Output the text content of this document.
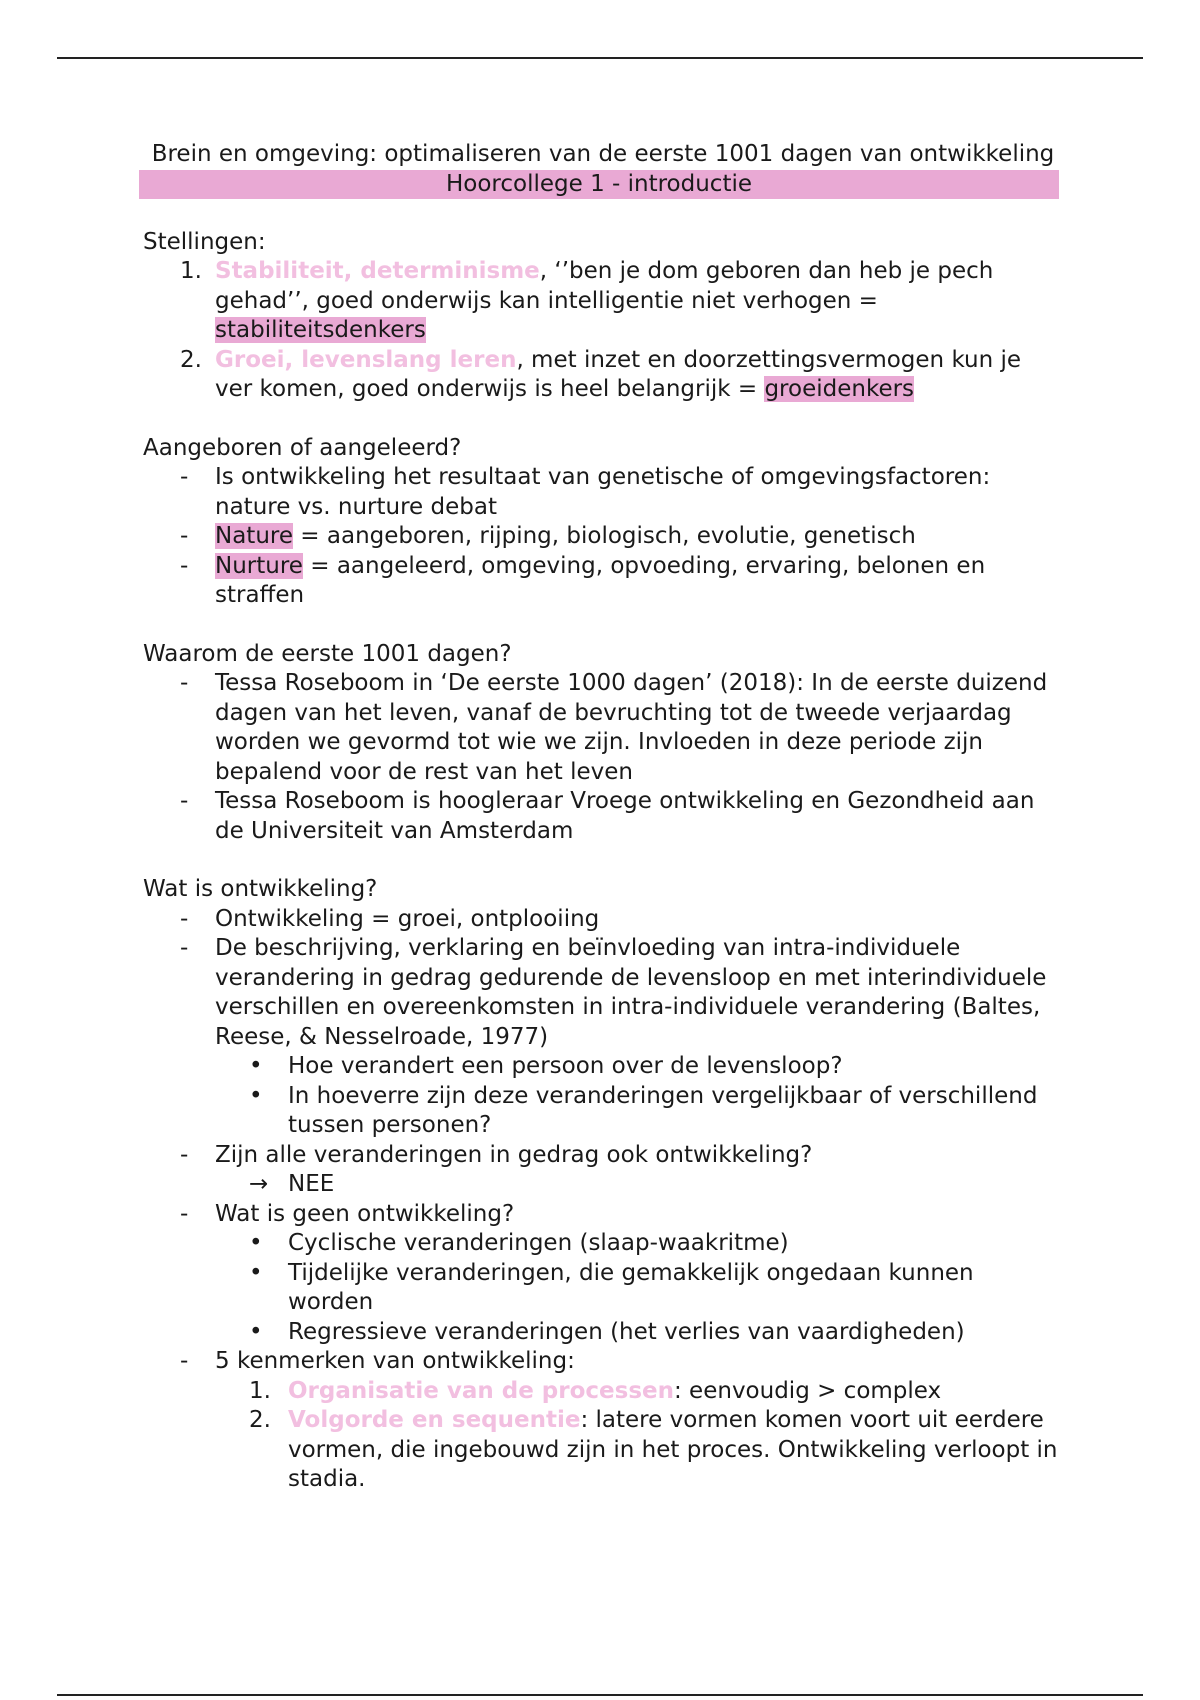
Brein en omgeving: optimaliseren van de eerste 1001 dagen van ontwikkeling
Hoorcollege 1 - introductie
Stellingen:
1. Stabiliteit, determinisme, ‘’ben je dom geboren dan heb je pech gehad’’, goed onderwijs kan intelligentie niet verhogen = stabiliteitsdenkers
2. Groei, levenslang leren, met inzet en doorzettingsvermogen kun je ver komen, goed onderwijs is heel belangrijk = groeidenkers
Aangeboren of aangeleerd?
- Is ontwikkeling het resultaat van genetische of omgevingsfactoren: nature vs. nurture debat
- Nature = aangeboren, rijping, biologisch, evolutie, genetisch
- Nurture = aangeleerd, omgeving, opvoeding, ervaring, belonen en straffen
Waarom de eerste 1001 dagen?
- Tessa Roseboom in ‘De eerste 1000 dagen’ (2018): In de eerste duizend dagen van het leven, vanaf de bevruchting tot de tweede verjaardag worden we gevormd tot wie we zijn. Invloeden in deze periode zijn bepalend voor de rest van het leven
- Tessa Roseboom is hoogleraar Vroege ontwikkeling en Gezondheid aan de Universiteit van Amsterdam
Wat is ontwikkeling?
- Ontwikkeling = groei, ontplooiing
- De beschrijving, verklaring en beïnvloeding van intra-individuele verandering in gedrag gedurende de levensloop en met interindividuele verschillen en overeenkomsten in intra-individuele verandering (Baltes, Reese, & Nesselroade, 1977)
• Hoe verandert een persoon over de levensloop?
• In hoeverre zijn deze veranderingen vergelijkbaar of verschillend tussen personen?
- Zijn alle veranderingen in gedrag ook ontwikkeling?
→ NEE
- Wat is geen ontwikkeling?
• Cyclische veranderingen (slaap-waakritme)
• Tijdelijke veranderingen, die gemakkelijk ongedaan kunnen worden
• Regressieve veranderingen (het verlies van vaardigheden)
- 5 kenmerken van ontwikkeling:
1. Organisatie van de processen: eenvoudig > complex
2. Volgorde en sequentie: latere vormen komen voort uit eerdere vormen, die ingebouwd zijn in het proces. Ontwikkeling verloopt in stadia.
